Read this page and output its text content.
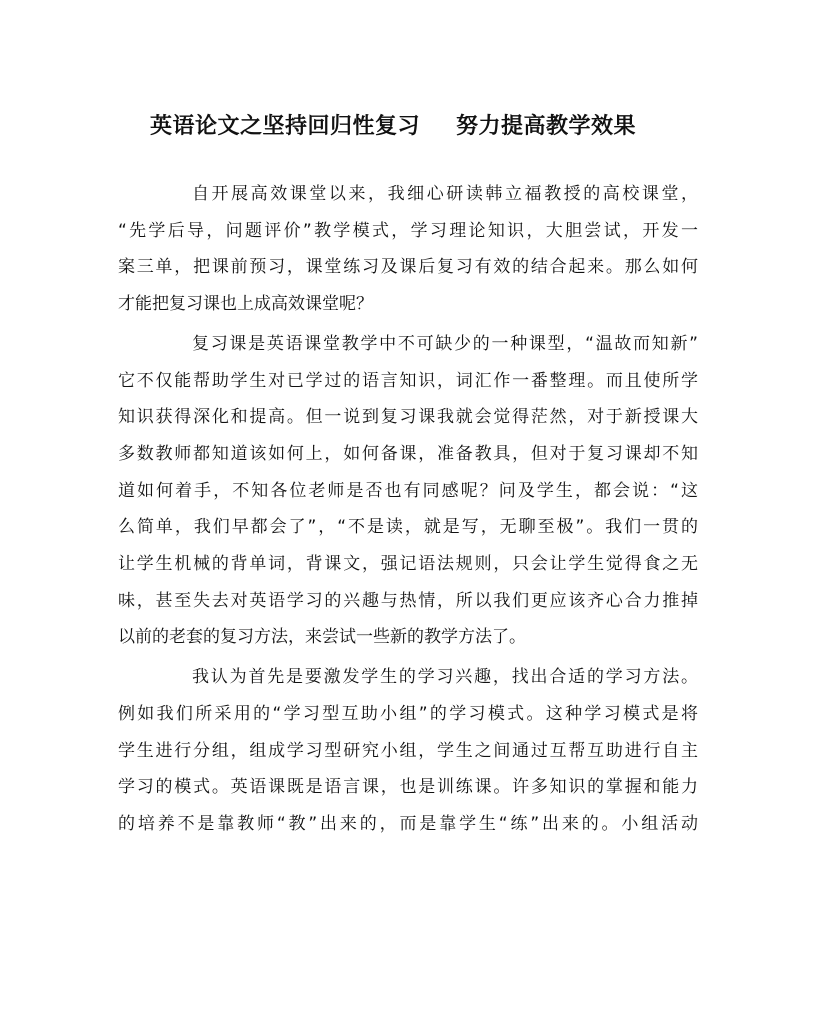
英语论文之坚持回归性复习 努力提高教学效果

自开展高效课堂以来，我细心研读韩立福教授的高校课堂，
“先学后导，问题评价”教学模式，学习理论知识，大胆尝试，开发一
案三单，把课前预习，课堂练习及课后复习有效的结合起来。那么如何
才能把复习课也上成高效课堂呢？

复习课是英语课堂教学中不可缺少的一种课型，“温故而知新”
它不仅能帮助学生对已学过的语言知识，词汇作一番整理。而且使所学
知识获得深化和提高。但一说到复习课我就会觉得茫然，对于新授课大
多数教师都知道该如何上，如何备课，准备教具，但对于复习课却不知
道如何着手，不知各位老师是否也有同感呢？问及学生，都会说：“这
么简单，我们早都会了”，“不是读，就是写，无聊至极”。我们一贯的
让学生机械的背单词，背课文，强记语法规则，只会让学生觉得食之无
味，甚至失去对英语学习的兴趣与热情，所以我们更应该齐心合力推掉
以前的老套的复习方法，来尝试一些新的教学方法了。

我认为首先是要激发学生的学习兴趣，找出合适的学习方法。
例如我们所采用的“学习型互助小组”的学习模式。这种学习模式是将
学生进行分组，组成学习型研究小组，学生之间通过互帮互助进行自主
学习的模式。英语课既是语言课，也是训练课。许多知识的掌握和能力
的培养不是靠教师“教”出来的，而是靠学生“练”出来的。小组活动
